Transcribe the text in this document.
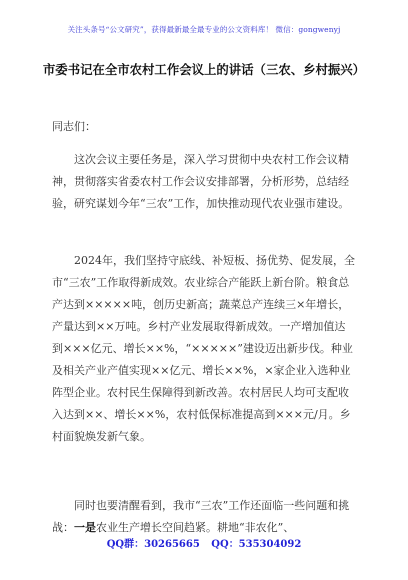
关注头条号“公文研究”，获得最新最全最专业的公文资料库！ 微信：gongwenyj
市委书记在全市农村工作会议上的讲话（三农、乡村振兴）

同志们：

这次会议主要任务是，深入学习贯彻中央农村工作会议精神，贯彻落实省委农村工作会议安排部署，分析形势，总结经验，研究谋划今年“三农”工作，加快推动现代农业强市建设。

2024年，我们坚持守底线、补短板、扬优势、促发展，全市“三农”工作取得新成效。农业综合产能跃上新台阶。粮食总产达到×××××吨，创历史新高；蔬菜总产连续三×年增长，产量达到××万吨。乡村产业发展取得新成效。一产增加值达到×××亿元、增长××%，“×××××”建设迈出新步伐。种业及相关产业产值实现××亿元、增长××%，×家企业入选种业阵型企业。农村民生保障得到新改善。农村居民人均可支配收入达到××、增长××%，农村低保标准提高到×××元/月。乡村面貌焕发新气象。

同时也要清醒看到，我市“三农”工作还面临一些问题和挑战：一是农业生产增长空间趋紧。耕地“非农化”、

QQ群：30265665 QQ：535304092
